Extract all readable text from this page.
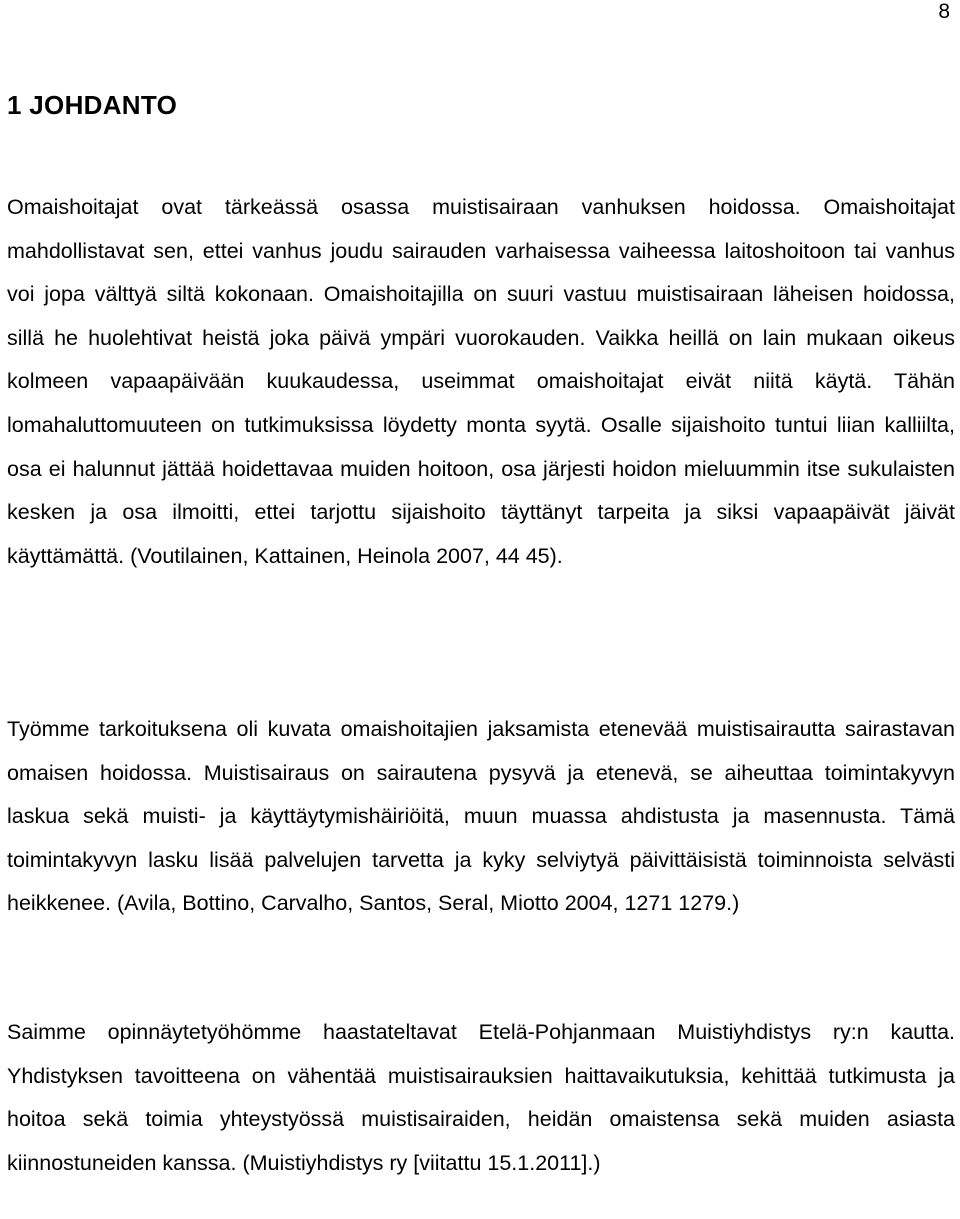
8
1 JOHDANTO

Omaishoitajat ovat tärkeässä osassa muistisairaan vanhuksen hoidossa. Omaishoitajat mahdollistavat sen, ettei vanhus joudu sairauden varhaisessa vaiheessa laitoshoitoon tai vanhus voi jopa välttyä siltä kokonaan. Omaishoitajilla on suuri vastuu muistisairaan läheisen hoidossa, sillä he huolehtivat heistä joka päivä ympäri vuorokauden. Vaikka heillä on lain mukaan oikeus kolmeen vapaapäivään kuukaudessa, useimmat omaishoitajat eivät niitä käytä. Tähän lomahaluttomuuteen on tutkimuksissa löydetty monta syytä. Osalle sijaishoito tuntui liian kalliilta, osa ei halunnut jättää hoidettavaa muiden hoitoon, osa järjesti hoidon mieluummin itse sukulaisten kesken ja osa ilmoitti, ettei tarjottu sijaishoito täyttänyt tarpeita ja siksi vapaapäivät jäivät käyttämättä. (Voutilainen, Kattainen, Heinola 2007, 44 45).

Työmme tarkoituksena oli kuvata omaishoitajien jaksamista etenevää muistisairautta sairastavan omaisen hoidossa. Muistisairaus on sairautena pysyvä ja etenevä, se aiheuttaa toimintakyvyn laskua sekä muisti- ja käyttäytymishäiriöitä, muun muassa ahdistusta ja masennusta. Tämä toimintakyvyn lasku lisää palvelujen tarvetta ja kyky selviytyä päivittäisistä toiminnoista selvästi heikkenee. (Avila, Bottino, Carvalho, Santos, Seral, Miotto 2004, 1271 1279.)

Saimme opinnäytetyöhömme haastateltavat Etelä-Pohjanmaan Muistiyhdistys ry:n kautta. Yhdistyksen tavoitteena on vähentää muistisairauksien haittavaikutuksia, kehittää tutkimusta ja hoitoa sekä toimia yhteystyössä muistisairaiden, heidän omaistensa sekä muiden asiasta kiinnostuneiden kanssa. (Muistiyhdistys ry [viitattu 15.1.2011].)
